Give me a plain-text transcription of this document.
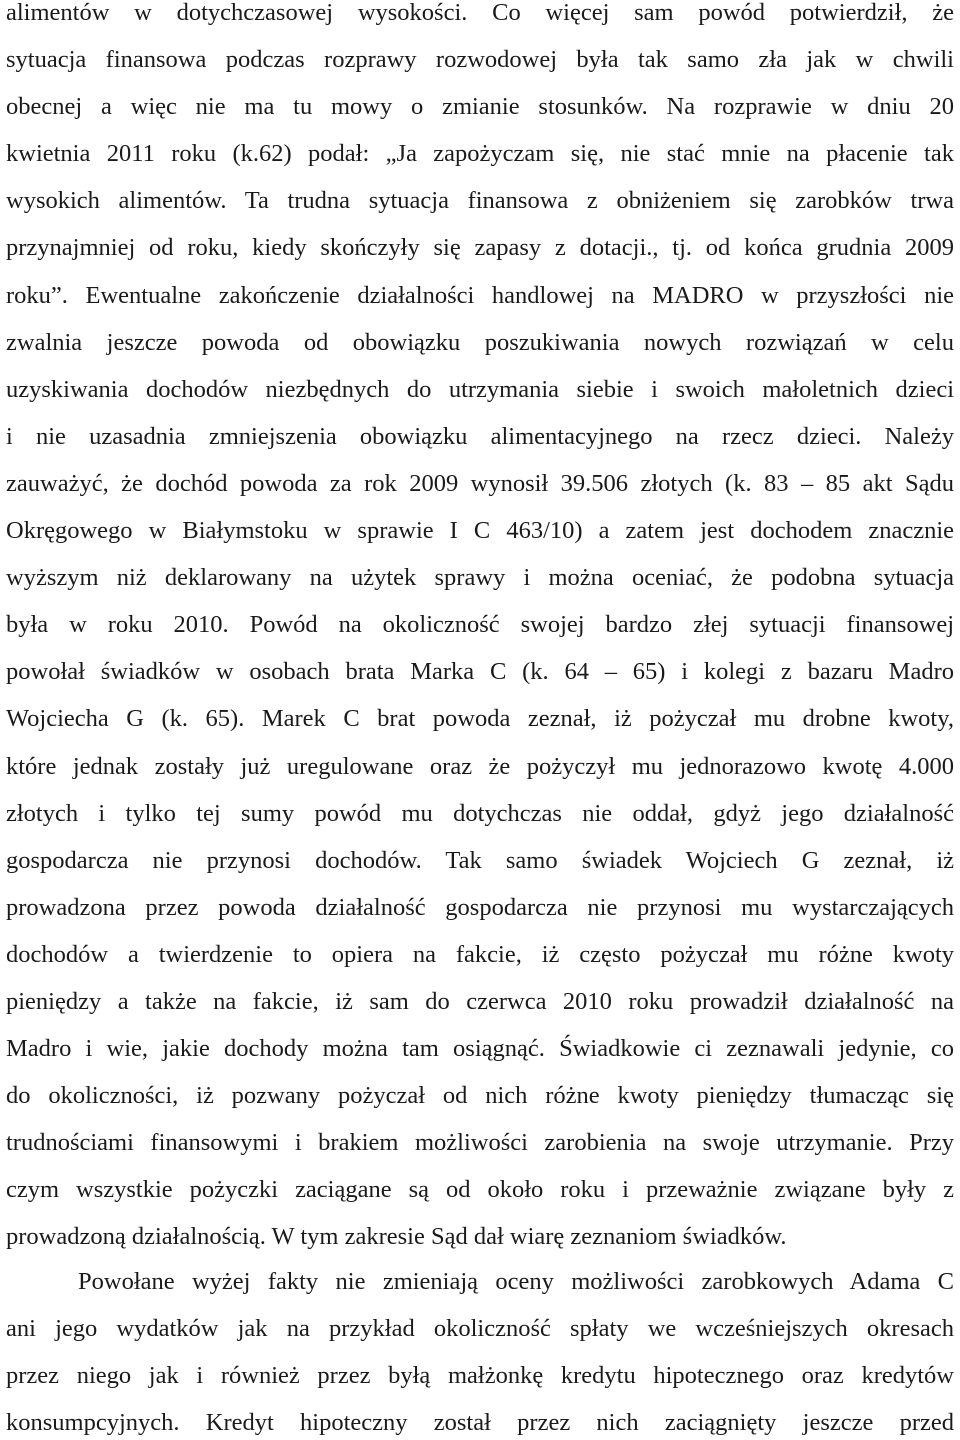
alimentów w dotychczasowej wysokości. Co więcej sam powód potwierdził, że
sytuacja finansowa podczas rozprawy rozwodowej była tak samo zła jak w chwili
obecnej a więc nie ma tu mowy o zmianie stosunków. Na rozprawie w dniu 20
kwietnia 2011 roku (k.62) podał: „Ja zapożyczam się, nie stać mnie na płacenie tak
wysokich alimentów. Ta trudna sytuacja finansowa z obniżeniem się zarobków trwa
przynajmniej od roku, kiedy skończyły się zapasy z dotacji., tj. od końca grudnia 2009
roku”. Ewentualne zakończenie działalności handlowej na MADRO w przyszłości nie
zwalnia jeszcze powoda od obowiązku poszukiwania nowych rozwiązań w celu
uzyskiwania dochodów niezbędnych do utrzymania siebie i swoich małoletnich dzieci
i nie uzasadnia zmniejszenia obowiązku alimentacyjnego na rzecz dzieci. Należy
zauważyć, że dochód powoda za rok 2009 wynosił 39.506 złotych (k. 83 – 85 akt Sądu
Okręgowego w Białymstoku w sprawie I C 463/10) a zatem jest dochodem znacznie
wyższym niż deklarowany na użytek sprawy i można oceniać, że podobna sytuacja
była w roku 2010. Powód na okoliczność swojej bardzo złej sytuacji finansowej
powołał świadków w osobach brata Marka C (k. 64 – 65) i kolegi z bazaru Madro
Wojciecha G (k. 65). Marek C brat powoda zeznał, iż pożyczał mu drobne kwoty,
które jednak zostały już uregulowane oraz że pożyczył mu jednorazowo kwotę 4.000
złotych i tylko tej sumy powód mu dotychczas nie oddał, gdyż jego działalność
gospodarcza nie przynosi dochodów. Tak samo świadek Wojciech G zeznał, iż
prowadzona przez powoda działalność gospodarcza nie przynosi mu wystarczających
dochodów a twierdzenie to opiera na fakcie, iż często pożyczał mu różne kwoty
pieniędzy a także na fakcie, iż sam do czerwca 2010 roku prowadził działalność na
Madro i wie, jakie dochody można tam osiągnąć. Świadkowie ci zeznawali jedynie, co
do okoliczności, iż pozwany pożyczał od nich różne kwoty pieniędzy tłumacząc się
trudnościami finansowymi i brakiem możliwości zarobienia na swoje utrzymanie. Przy
czym wszystkie pożyczki zaciągane są od około roku i przeważnie związane były z
prowadzoną działalnością. W tym zakresie Sąd dał wiarę zeznaniom świadków.
Powołane wyżej fakty nie zmieniają oceny możliwości zarobkowych Adama C
ani jego wydatków jak na przykład okoliczność spłaty we wcześniejszych okresach
przez niego jak i również przez byłą małżonkę kredytu hipotecznego oraz kredytów
konsumpcyjnych. Kredyt hipoteczny został przez nich zaciągnięty jeszcze przed
